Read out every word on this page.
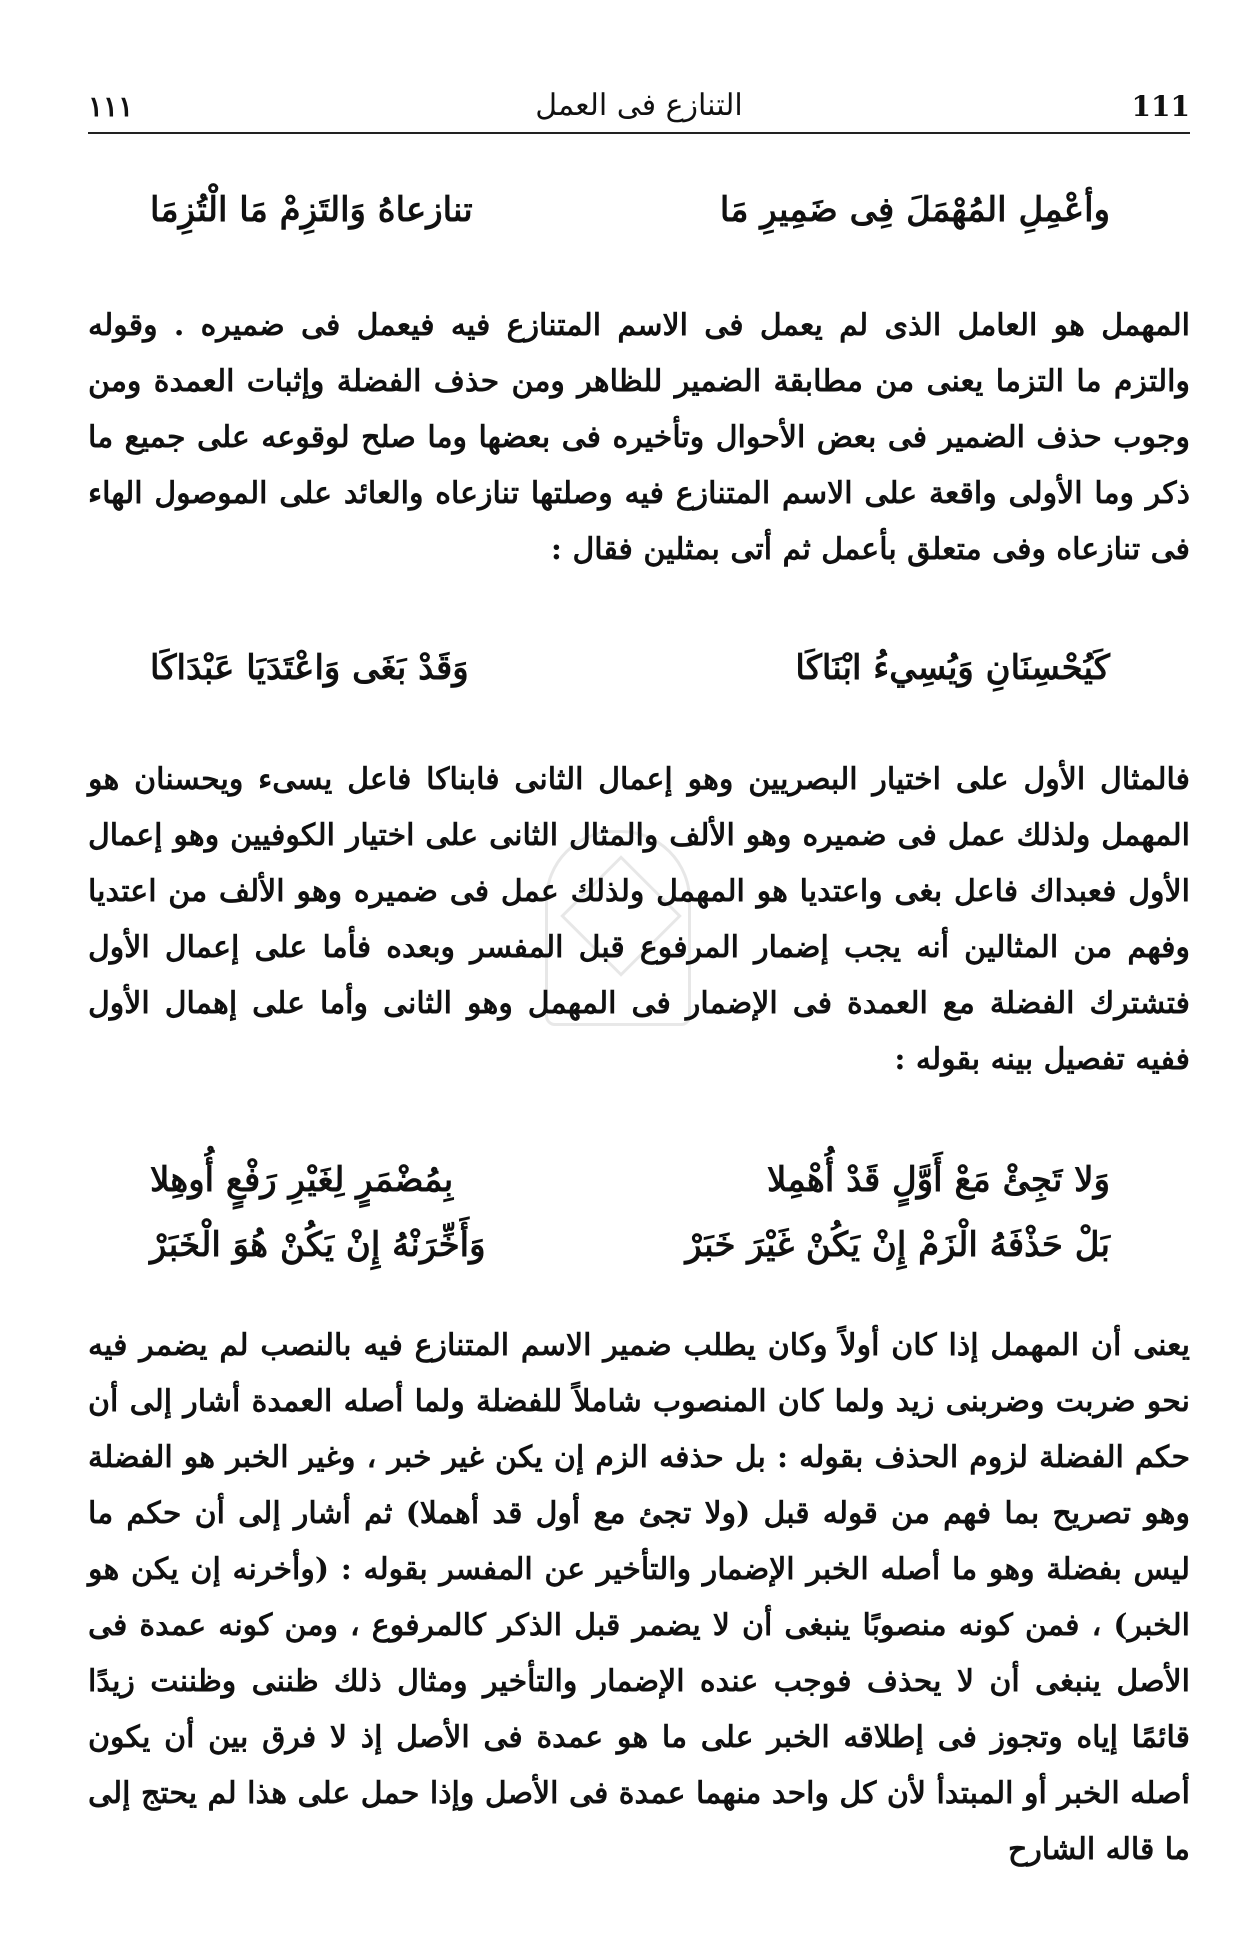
111
التنازع فى العمل
١١١
وأعْمِلِ المُهْمَلَ فِى ضَمِيرِ مَا
تنازعاهُ وَالتَزِمْ مَا الْتُزِمَا
المهمل هو العامل الذى لم يعمل فى الاسم المتنازع فيه فيعمل فى ضميره . وقوله والتزم ما التزما يعنى من مطابقة الضمير للظاهر ومن حذف الفضلة وإثبات العمدة ومن وجوب حذف الضمير فى بعض الأحوال وتأخيره فى بعضها وما صلح لوقوعه على جميع ما ذكر وما الأولى واقعة على الاسم المتنازع فيه وصلتها تنازعاه والعائد على الموصول الهاء فى تنازعاه وفى متعلق بأعمل ثم أتى بمثلين فقال :
كَيُحْسِنَانِ وَيُسِيءُ ابْنَاكَا
وَقَدْ بَغَى وَاعْتَدَيَا عَبْدَاكَا
فالمثال الأول على اختيار البصريين وهو إعمال الثانى فابناكا فاعل يسىء ويحسنان هو المهمل ولذلك عمل فى ضميره وهو الألف والمثال الثانى على اختيار الكوفيين وهو إعمال الأول فعبداك فاعل بغى واعتديا هو المهمل ولذلك عمل فى ضميره وهو الألف من اعتديا وفهم من المثالين أنه يجب إضمار المرفوع قبل المفسر وبعده فأما على إعمال الأول فتشترك الفضلة مع العمدة فى الإضمار فى المهمل وهو الثانى وأما على إهمال الأول ففيه تفصيل بينه بقوله :
وَلا تَجِئْ مَعْ أَوَّلٍ قَدْ أُهْمِلا
بِمُضْمَرٍ لِغَيْرِ رَفْعٍ أُوهِلا
بَلْ حَذْفَهُ الْزَمْ إِنْ يَكُنْ غَيْرَ خَبَرْ
وَأَخِّرَنْهُ إِنْ يَكُنْ هُوَ الْخَبَرْ
يعنى أن المهمل إذا كان أولاً وكان يطلب ضمير الاسم المتنازع فيه بالنصب لم يضمر فيه نحو ضربت وضربنى زيد ولما كان المنصوب شاملاً للفضلة ولما أصله العمدة أشار إلى أن حكم الفضلة لزوم الحذف بقوله : بل حذفه الزم إن يكن غير خبر ، وغير الخبر هو الفضلة وهو تصريح بما فهم من قوله قبل (ولا تجئ مع أول قد أهملا) ثم أشار إلى أن حكم ما ليس بفضلة وهو ما أصله الخبر الإضمار والتأخير عن المفسر بقوله : (وأخرنه إن يكن هو الخبر) ، فمن كونه منصوبًا ينبغى أن لا يضمر قبل الذكر كالمرفوع ، ومن كونه عمدة فى الأصل ينبغى أن لا يحذف فوجب عنده الإضمار والتأخير ومثال ذلك ظننى وظننت زيدًا قائمًا إياه وتجوز فى إطلاقه الخبر على ما هو عمدة فى الأصل إذ لا فرق بين أن يكون أصله الخبر أو المبتدأ لأن كل واحد منهما عمدة فى الأصل وإذا حمل على هذا لم يحتج إلى ما قاله الشارح
